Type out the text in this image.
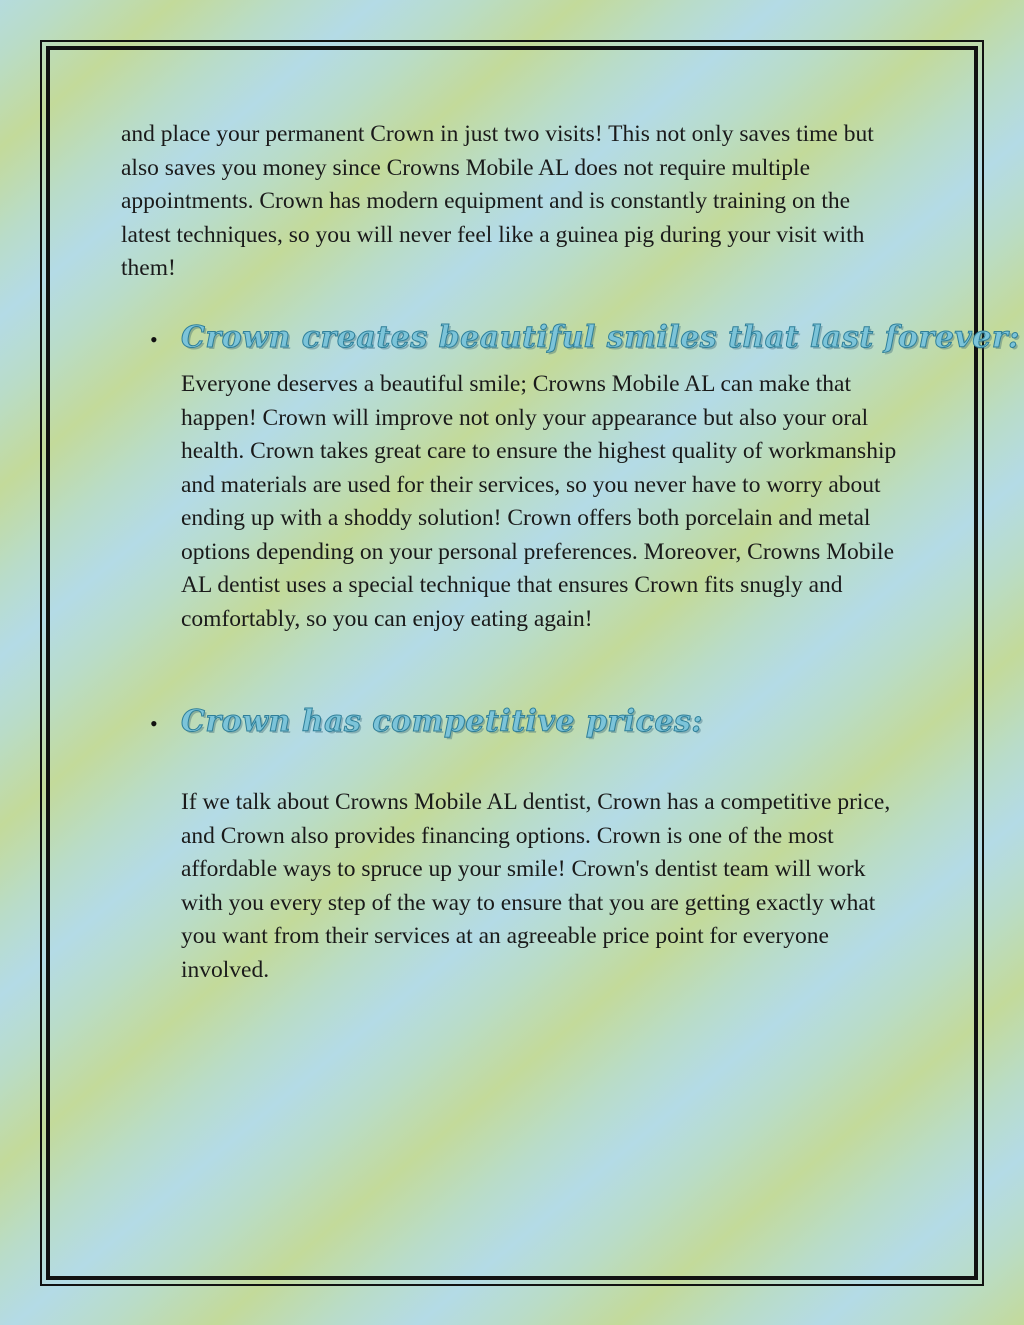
and place your permanent Crown in just two visits! This not only saves time but also saves you money since Crowns Mobile AL does not require multiple appointments. Crown has modern equipment and is constantly training on the latest techniques, so you will never feel like a guinea pig during your visit with them!

• Crown creates beautiful smiles that last forever:

Everyone deserves a beautiful smile; Crowns Mobile AL can make that happen! Crown will improve not only your appearance but also your oral health. Crown takes great care to ensure the highest quality of workmanship and materials are used for their services, so you never have to worry about ending up with a shoddy solution! Crown offers both porcelain and metal options depending on your personal preferences. Moreover, Crowns Mobile AL dentist uses a special technique that ensures Crown fits snugly and comfortably, so you can enjoy eating again!

• Crown has competitive prices:

If we talk about Crowns Mobile AL dentist, Crown has a competitive price, and Crown also provides financing options. Crown is one of the most affordable ways to spruce up your smile! Crown's dentist team will work with you every step of the way to ensure that you are getting exactly what you want from their services at an agreeable price point for everyone involved.
